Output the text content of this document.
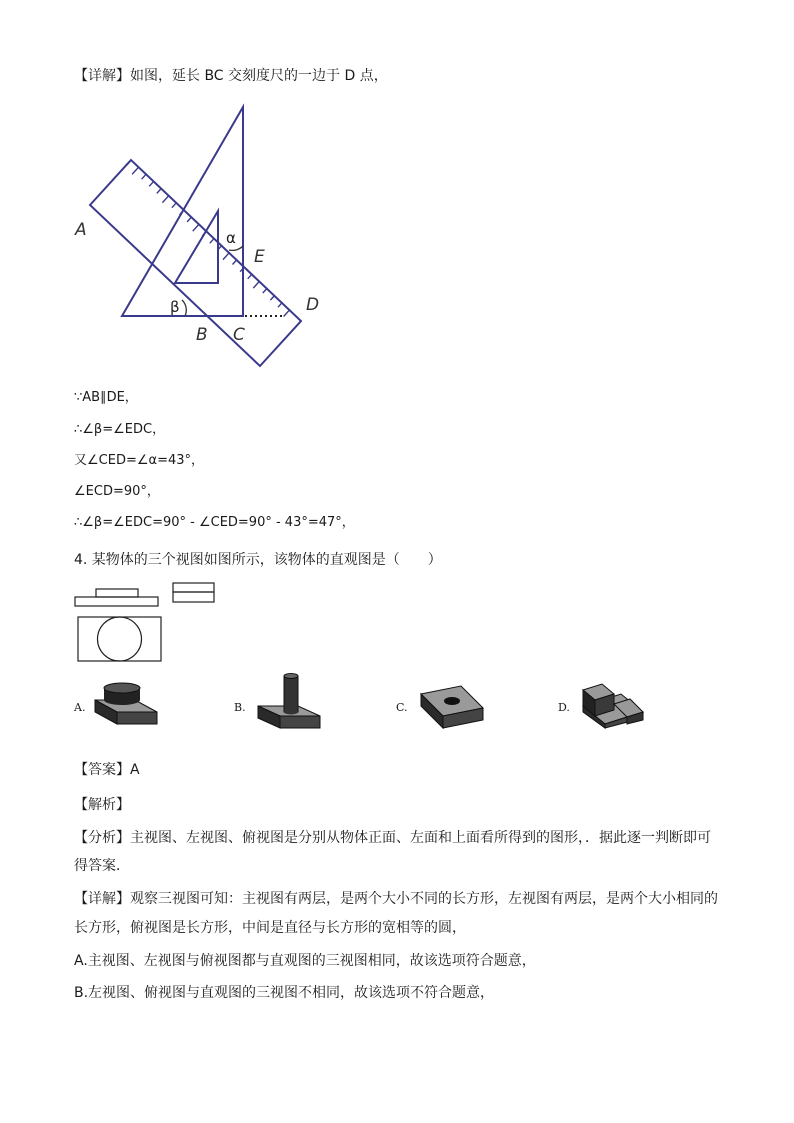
【详解】如图，延长 BC 交刻度尺的一边于 D 点，
A
B C
D
E
α
β
∵AB∥DE，
∴∠β=∠EDC，
又∠CED=∠α=43°，
∠ECD=90°，
∴∠β=∠EDC=90° - ∠CED=90° - 43°=47°，
4. 某物体的三个视图如图所示，该物体的直观图是（　　）
A.	B.	C.	D.
【答案】A
【解析】
【分析】主视图、左视图、俯视图是分别从物体正面、左面和上面看所得到的图形，．据此逐一判断即可
得答案．
【详解】观察三视图可知：主视图有两层，是两个大小不同的长方形，左视图有两层，是两个大小相同的
长方形，俯视图是长方形，中间是直径与长方形的宽相等的圆，
A.主视图、左视图与俯视图都与直观图的三视图相同，故该选项符合题意，
B.左视图、俯视图与直观图的三视图不相同，故该选项不符合题意，
